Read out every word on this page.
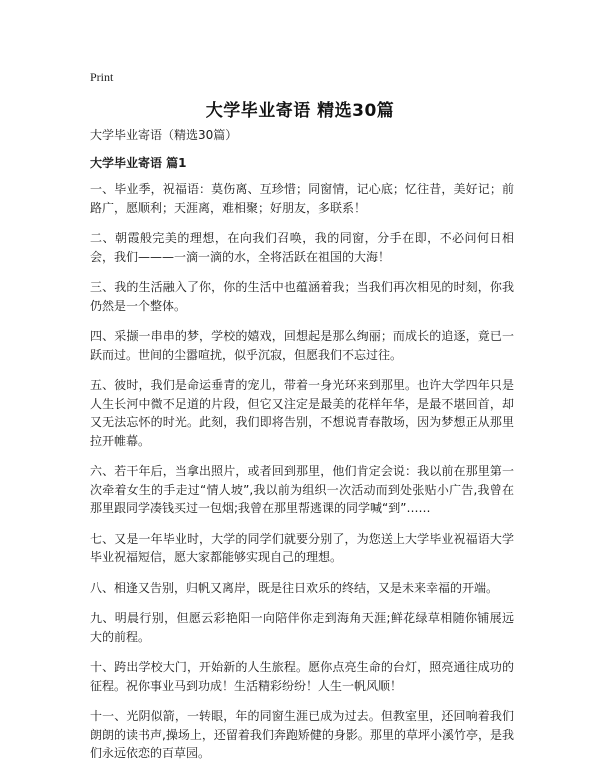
Print
大学毕业寄语 精选30篇

大学毕业寄语（精选30篇）

大学毕业寄语 篇1

一、毕业季，祝福语：莫伤离、互珍惜；同窗情，记心底；忆往昔，美好记；前路广，愿顺利；天涯离，难相聚；好朋友，多联系！

二、朝霞般完美的理想，在向我们召唤，我的同窗，分手在即，不必问何日相会，我们———一滴一滴的水，全将活跃在祖国的大海！

三、我的生活融入了你，你的生活中也蕴涵着我；当我们再次相见的时刻，你我仍然是一个整体。

四、采撷一串串的梦，学校的嬉戏，回想起是那么绚丽；而成长的追逐，竟已一跃而过。世间的尘嚣喧扰，似乎沉寂，但愿我们不忘过往。

五、彼时，我们是命运垂青的宠儿，带着一身光环来到那里。也许大学四年只是人生长河中微不足道的片段，但它又注定是最美的花样年华，是最不堪回首，却又无法忘怀的时光。此刻，我们即将告别，不想说青春散场，因为梦想正从那里拉开帷幕。

六、若干年后，当拿出照片，或者回到那里，他们肯定会说：我以前在那里第一次牵着女生的手走过“情人坡”,我以前为组织一次活动而到处张贴小广告,我曾在那里跟同学凑钱买过一包烟;我曾在那里帮逃课的同学喊“到”……

七、又是一年毕业时，大学的同学们就要分别了，为您送上大学毕业祝福语大学毕业祝福短信，愿大家都能够实现自己的理想。

八、相逢又告别，归帆又离岸，既是往日欢乐的终结，又是未来幸福的开端。

九、明晨行别，但愿云彩艳阳一向陪伴你走到海角天涯;鲜花绿草相随你铺展远大的前程。

十、跨出学校大门，开始新的人生旅程。愿你点亮生命的台灯，照亮通往成功的征程。祝你事业马到功成！生活精彩纷纷！人生一帆风顺！

十一、光阴似箭，一转眼，年的同窗生涯已成为过去。但教室里，还回响着我们朗朗的读书声,操场上，还留着我们奔跑矫健的身影。那里的草坪小溪竹亭，是我们永远依恋的百草园。
